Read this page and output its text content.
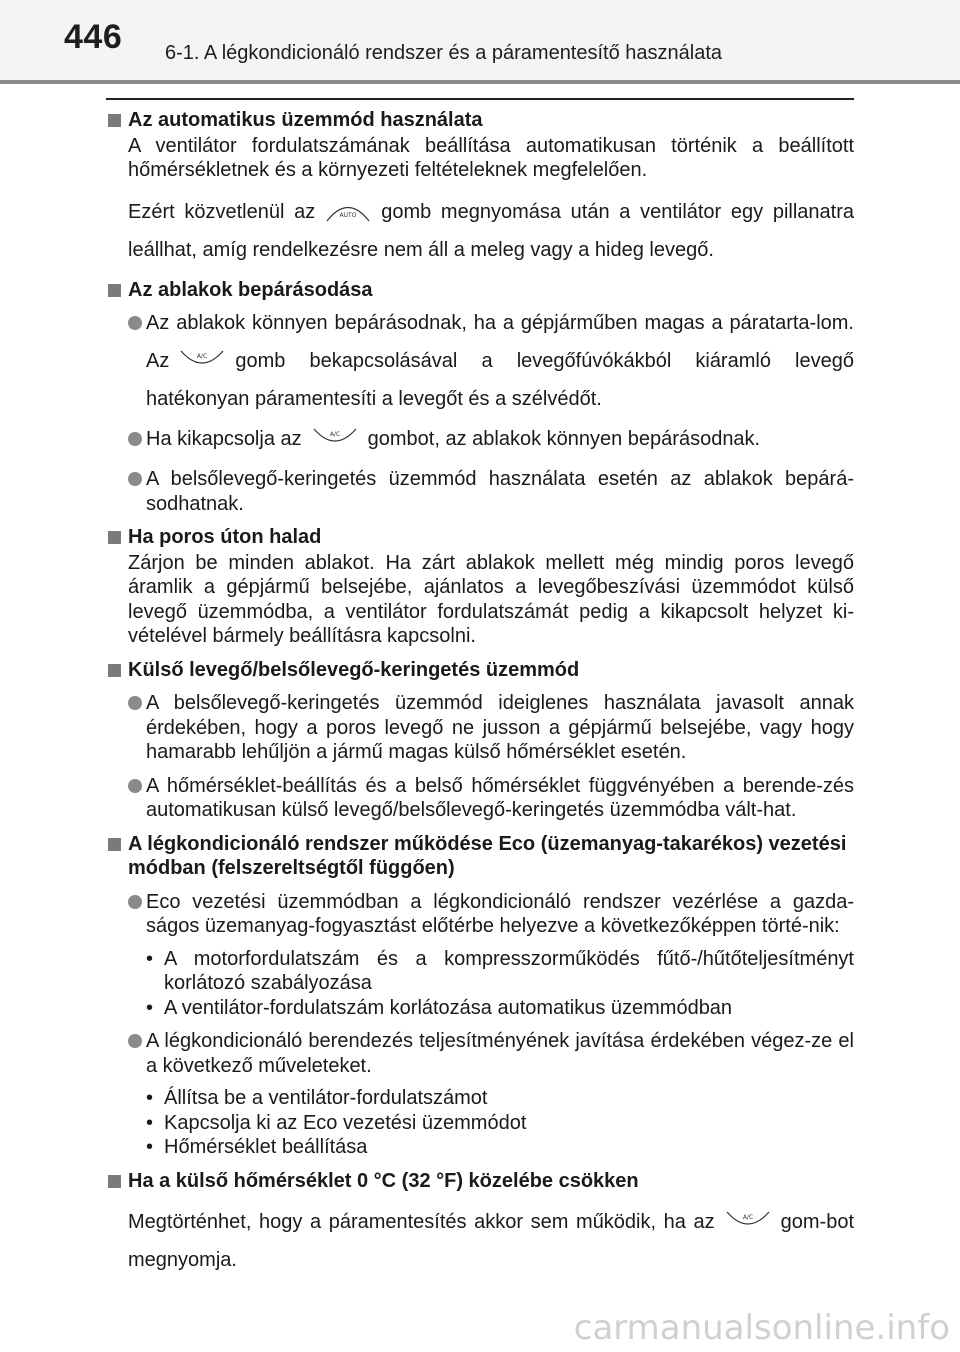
446 6-1. A légkondicionáló rendszer és a páramentesítő használata
Az automatikus üzemmód használata
A ventilátor fordulatszámának beállítása automatikusan történik a beállított hőmérsékletnek és a környezeti feltételeknek megfelelően.
Ezért közvetlenül az	AUTO gomb megnyomása után a ventilátor egy pillanatra leállhat, amíg rendelkezésre nem áll a meleg vagy a hideg levegő.
Az ablakok bepárásodása
Az ablakok könnyen bepárásodnak, ha a gépjárműben magas a páratarta-lom. Az	A/C gomb bekapcsolásával a levegőfúvókákból kiáramló levegő hatékonyan páramentesíti a levegőt és a szélvédőt.
Ha kikapcsolja az	A/C gombot, az ablakok könnyen bepárásodnak.
A belsőlevegő-keringetés üzemmód használata esetén az ablakok bepárá-sodhatnak.
Ha poros úton halad
Zárjon be minden ablakot. Ha zárt ablakok mellett még mindig poros levegő áramlik a gépjármű belsejébe, ajánlatos a levegőbeszívási üzemmódot külső levegő üzemmódba, a ventilátor fordulatszámát pedig a kikapcsolt helyzet ki-vételével bármely beállításra kapcsolni.
Külső levegő/belsőlevegő-keringetés üzemmód
A belsőlevegő-keringetés üzemmód ideiglenes használata javasolt annak érdekében, hogy a poros levegő ne jusson a gépjármű belsejébe, vagy hogy hamarabb lehűljön a jármű magas külső hőmérséklet esetén.
A hőmérséklet-beállítás és a belső hőmérséklet függvényében a berende-zés automatikusan külső levegő/belsőlevegő-keringetés üzemmódba vált-hat.
A légkondicionáló rendszer működése Eco (üzemanyag-takarékos) vezetési módban (felszereltségtől függően)
Eco vezetési üzemmódban a légkondicionáló rendszer vezérlése a gazda-ságos üzemanyag-fogyasztást előtérbe helyezve a következőképpen törté-nik:
• A motorfordulatszám és a kompresszorműködés fűtő-/hűtőteljesítményt korlátozó szabályozása
• A ventilátor-fordulatszám korlátozása automatikus üzemmódban
A légkondicionáló berendezés teljesítményének javítása érdekében végez-ze el a következő műveleteket.
• Állítsa be a ventilátor-fordulatszámot
• Kapcsolja ki az Eco vezetési üzemmódot
• Hőmérséklet beállítása
Ha a külső hőmérséklet 0 °C (32 °F) közelébe csökken
Megtörténhet, hogy a páramentesítés akkor sem működik, ha az	A/C gom-bot megnyomja.
carmanualsonline.info
